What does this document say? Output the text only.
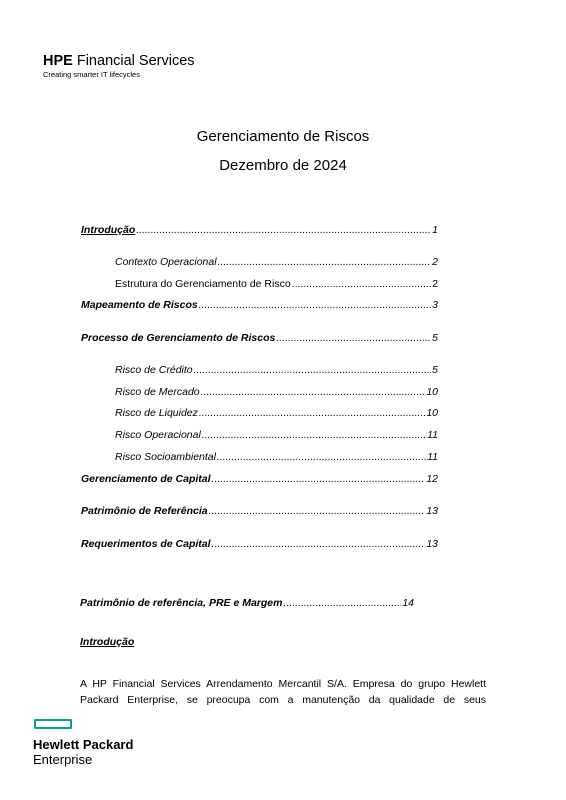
HPE Financial Services
Creating smarter IT lifecycles
Gerenciamento de Riscos
Dezembro de 2024
Introdução .....	1
Contexto Operacional .....	2
Estrutura do Gerenciamento de Risco .....	2
Mapeamento de Riscos .....	3
Processo de Gerenciamento de Riscos .....	5
Risco de Crédito .....	5
Risco de Mercado .....	10
Risco de Liquidez .....	10
Risco Operacional .....	11
Risco Socioambiental .....	11
Gerenciamento de Capital .....	12
Patrimônio de Referência .....	13
Requerimentos de Capital .....	13
Patrimônio de referência, PRE e Margem .....	14
Introdução
A HP Financial Services Arrendamento Mercantil S/A. Empresa do grupo Hewlett
Packard Enterprise, se preocupa com a manutenção da qualidade de seus
Hewlett Packard
Enterprise
